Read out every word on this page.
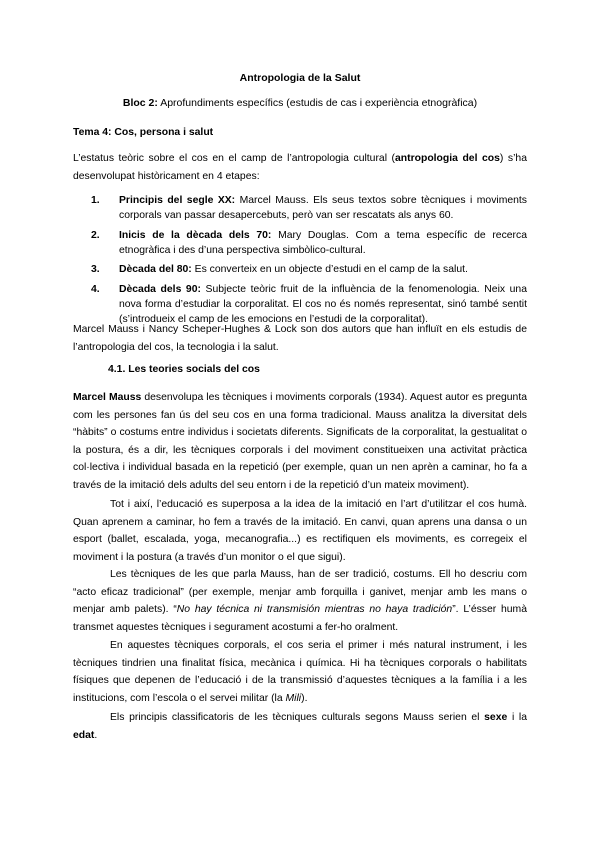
Antropologia de la Salut
Bloc 2: Aprofundiments específics (estudis de cas i experiència etnogràfica)
Tema 4: Cos, persona i salut

L’estatus teòric sobre el cos en el camp de l’antropologia cultural (antropologia del cos) s’ha desenvolupat històricament en 4 etapes:

1. Principis del segle XX: Marcel Mauss. Els seus textos sobre tècniques i moviments corporals van passar desapercebuts, però van ser rescatats als anys 60.
2. Inicis de la dècada dels 70: Mary Douglas. Com a tema específic de recerca etnogràfica i des d’una perspectiva simbòlico-cultural.
3. Dècada del 80: Es converteix en un objecte d’estudi en el camp de la salut.
4. Dècada dels 90: Subjecte teòric fruit de la influència de la fenomenologia. Neix una nova forma d’estudiar la corporalitat. El cos no és només representat, sinó també sentit (s’introdueix el camp de les emocions en l’estudi de la corporalitat).

Marcel Mauss i Nancy Scheper-Hughes & Lock son dos autors que han influït en els estudis de l’antropologia del cos, la tecnologia i la salut.

4.1. Les teories socials del cos

Marcel Mauss desenvolupa les tècniques i moviments corporals (1934). Aquest autor es pregunta com les persones fan ús del seu cos en una forma tradicional. Mauss analitza la diversitat dels “hàbits” o costums entre individus i societats diferents. Significats de la corporalitat, la gestualitat o la postura, és a dir, les tècniques corporals i del moviment constitueixen una activitat pràctica col·lectiva i individual basada en la repetició (per exemple, quan un nen aprèn a caminar, ho fa a través de la imitació dels adults del seu entorn i de la repetició d’un mateix moviment).

Tot i així, l’educació es superposa a la idea de la imitació en l’art d’utilitzar el cos humà. Quan aprenem a caminar, ho fem a través de la imitació. En canvi, quan aprens una dansa o un esport (ballet, escalada, yoga, mecanografia...) es rectifiquen els moviments, es corregeix el moviment i la postura (a través d’un monitor o el que sigui).

Les tècniques de les que parla Mauss, han de ser tradició, costums. Ell ho descriu com “acto eficaz tradicional” (per exemple, menjar amb forquilla i ganivet, menjar amb les mans o menjar amb palets). “No hay técnica ni transmisión mientras no haya tradición”. L’ésser humà transmet aquestes tècniques i segurament acostumi a fer-ho oralment.

En aquestes tècniques corporals, el cos seria el primer i més natural instrument, i les tècniques tindrien una finalitat física, mecànica i química. Hi ha tècniques corporals o habilitats físiques que depenen de l’educació i de la transmissió d’aquestes tècniques a la família i a les institucions, com l’escola o el servei militar (la Mili).

Els principis classificatoris de les tècniques culturals segons Mauss serien el sexe i la edat.
